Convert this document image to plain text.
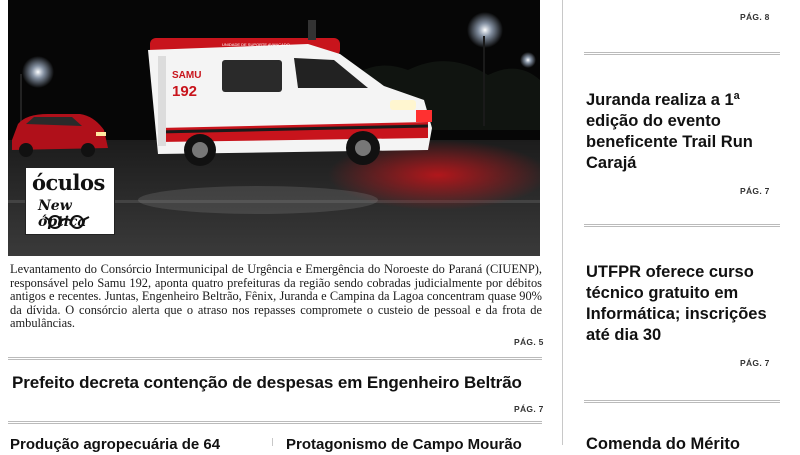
SAMU
192
UNIDADE DE SUPORTE AVANÇADO
óculos
New óptica
Levantamento do Consórcio Intermunicipal de Urgência e Emergência do Noroeste do Paraná (CIUENP), responsável pelo Samu 192, aponta quatro prefeituras da região sendo cobradas judicialmente por débitos antigos e recentes. Juntas, Engenheiro Beltrão, Fênix, Juranda e Campina da Lagoa concentram quase 90% da dívida. O consórcio alerta que o atraso nos repasses compromete o custeio de pessoal e da frota de ambulâncias.
PÁG. 5
Prefeito decreta contenção de despesas em Engenheiro Beltrão
PÁG. 7
Produção agropecuária de 64	Protagonismo de Campo Mourão
PÁG. 8
Juranda realiza a 1ª edição do evento beneficente Trail Run Carajá
PÁG. 7
UTFPR oferece curso técnico gratuito em Informática; inscrições até dia 30
PÁG. 7
Comenda do Mérito
